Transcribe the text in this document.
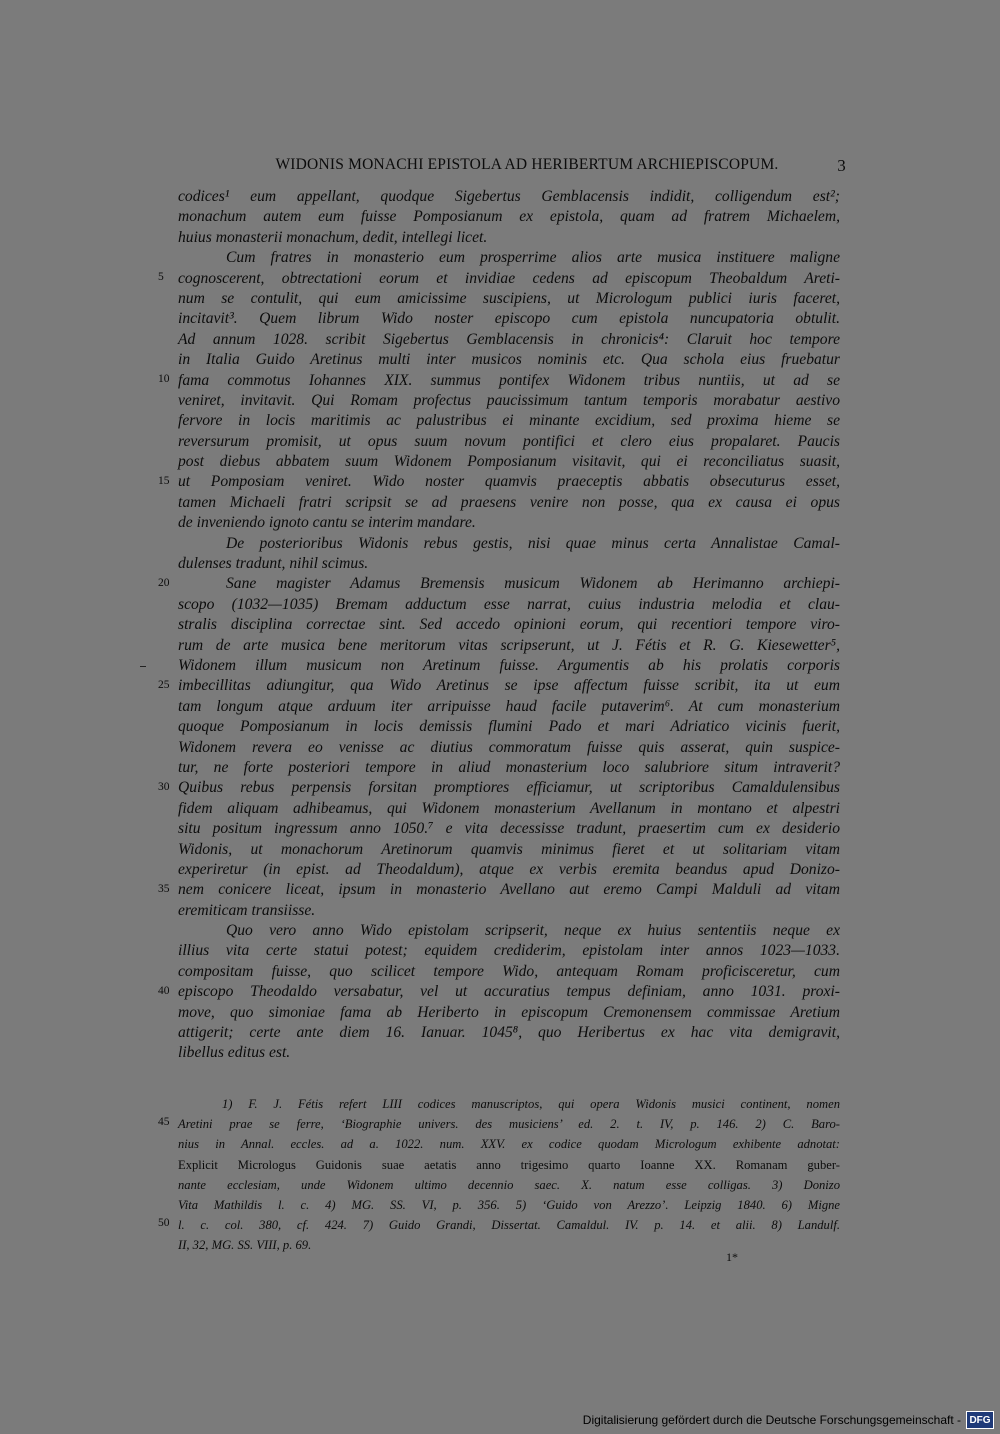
WIDONIS MONACHI EPISTOLA AD HERIBERTUM ARCHIEPISCOPUM.	3
codices¹ eum appellant, quodque Sigebertus Gemblacensis indidit, colligendum est²;
monachum autem eum fuisse Pomposianum ex epistola, quam ad fratrem Michaelem,
huius monasterii monachum, dedit, intellegi licet.
Cum fratres in monasterio eum prosperrime alios arte musica instituere maligne
cognoscerent, obtrectationi eorum et invidiae cedens ad episcopum Theobaldum Areti-
num se contulit, qui eum amicissime suscipiens, ut Micrologum publici iuris faceret,
incitavit³. Quem librum Wido noster episcopo cum epistola nuncupatoria obtulit.
Ad annum 1028. scribit Sigebertus Gemblacensis in chronicis⁴: Claruit hoc tempore
in Italia Guido Aretinus multi inter musicos nominis etc. Qua schola eius fruebatur
fama commotus Iohannes XIX. summus pontifex Widonem tribus nuntiis, ut ad se
veniret, invitavit. Qui Romam profectus paucissimum tantum temporis morabatur aestivo
fervore in locis maritimis ac palustribus ei minante excidium, sed proxima hieme se
reversurum promisit, ut opus suum novum pontifici et clero eius propalaret. Paucis
post diebus abbatem suum Widonem Pomposianum visitavit, qui ei reconciliatus suasit,
ut Pomposiam veniret. Wido noster quamvis praeceptis abbatis obsecuturus esset,
tamen Michaeli fratri scripsit se ad praesens venire non posse, qua ex causa ei opus
de inveniendo ignoto cantu se interim mandare.
De posterioribus Widonis rebus gestis, nisi quae minus certa Annalistae Camal-
dulenses tradunt, nihil scimus.
Sane magister Adamus Bremensis musicum Widonem ab Herimanno archiepi-
scopo (1032—1035) Bremam adductum esse narrat, cuius industria melodia et clau-
stralis disciplina correctae sint. Sed accedo opinioni eorum, qui recentiori tempore viro-
rum de arte musica bene meritorum vitas scripserunt, ut J. Fétis et R. G. Kiesewetter⁵,
Widonem illum musicum non Aretinum fuisse. Argumentis ab his prolatis corporis
imbecillitas adiungitur, qua Wido Aretinus se ipse affectum fuisse scribit, ita ut eum
tam longum atque arduum iter arripuisse haud facile putaverim⁶. At cum monasterium
quoque Pomposianum in locis demissis flumini Pado et mari Adriatico vicinis fuerit,
Widonem revera eo venisse ac diutius commoratum fuisse quis asserat, quin suspice-
tur, ne forte posteriori tempore in aliud monasterium loco salubriore situm intraverit?
Quibus rebus perpensis forsitan promptiores efficiamur, ut scriptoribus Camaldulensibus
fidem aliquam adhibeamus, qui Widonem monasterium Avellanum in montano et alpestri
situ positum ingressum anno 1050.⁷ e vita decessisse tradunt, praesertim cum ex desiderio
Widonis, ut monachorum Aretinorum quamvis minimus fieret et ut solitariam vitam
experiretur (in epist. ad Theodaldum), atque ex verbis eremita beandus apud Donizo-
nem conicere liceat, ipsum in monasterio Avellano aut eremo Campi Malduli ad vitam
eremiticam transiisse.
Quo vero anno Wido epistolam scripserit, neque ex huius sententiis neque ex
illius vita certe statui potest; equidem crediderim, epistolam inter annos 1023—1033.
compositam fuisse, quo scilicet tempore Wido, antequam Romam proficisceretur, cum
episcopo Theodaldo versabatur, vel ut accuratius tempus definiam, anno 1031. proxi-
move, quo simoniae fama ab Heriberto in episcopum Cremonensem commissae Aretium
attigerit; certe ante diem 16. Ianuar. 1045⁸, quo Heribertus ex hac vita demigravit,
libellus editus est.
5
10
15
20
25
30
35
40
1) F. J. Fétis refert LIII codices manuscriptos, qui opera Widonis musici continent, nomen
Aretini prae se ferre, ‘Biographie univers. des musiciens’ ed. 2. t. IV, p. 146. 2) C. Baro-
nius in Annal. eccles. ad a. 1022. num. XXV. ex codice quodam Micrologum exhibente adnotat:
Explicit Micrologus Guidonis suae aetatis anno trigesimo quarto Ioanne XX. Romanam guber-
nante ecclesiam, unde Widonem ultimo decennio saec. X. natum esse colligas. 3) Donizo
Vita Mathildis l. c. 4) MG. SS. VI, p. 356. 5) ‘Guido von Arezzo’. Leipzig 1840. 6) Migne
l. c. col. 380, cf. 424. 7) Guido Grandi, Dissertat. Camaldul. IV. p. 14. et alii. 8) Landulf.
II, 32, MG. SS. VIII, p. 69.
45
50
1*
Digitalisierung gefördert durch die Deutsche Forschungsgemeinschaft - DFG
